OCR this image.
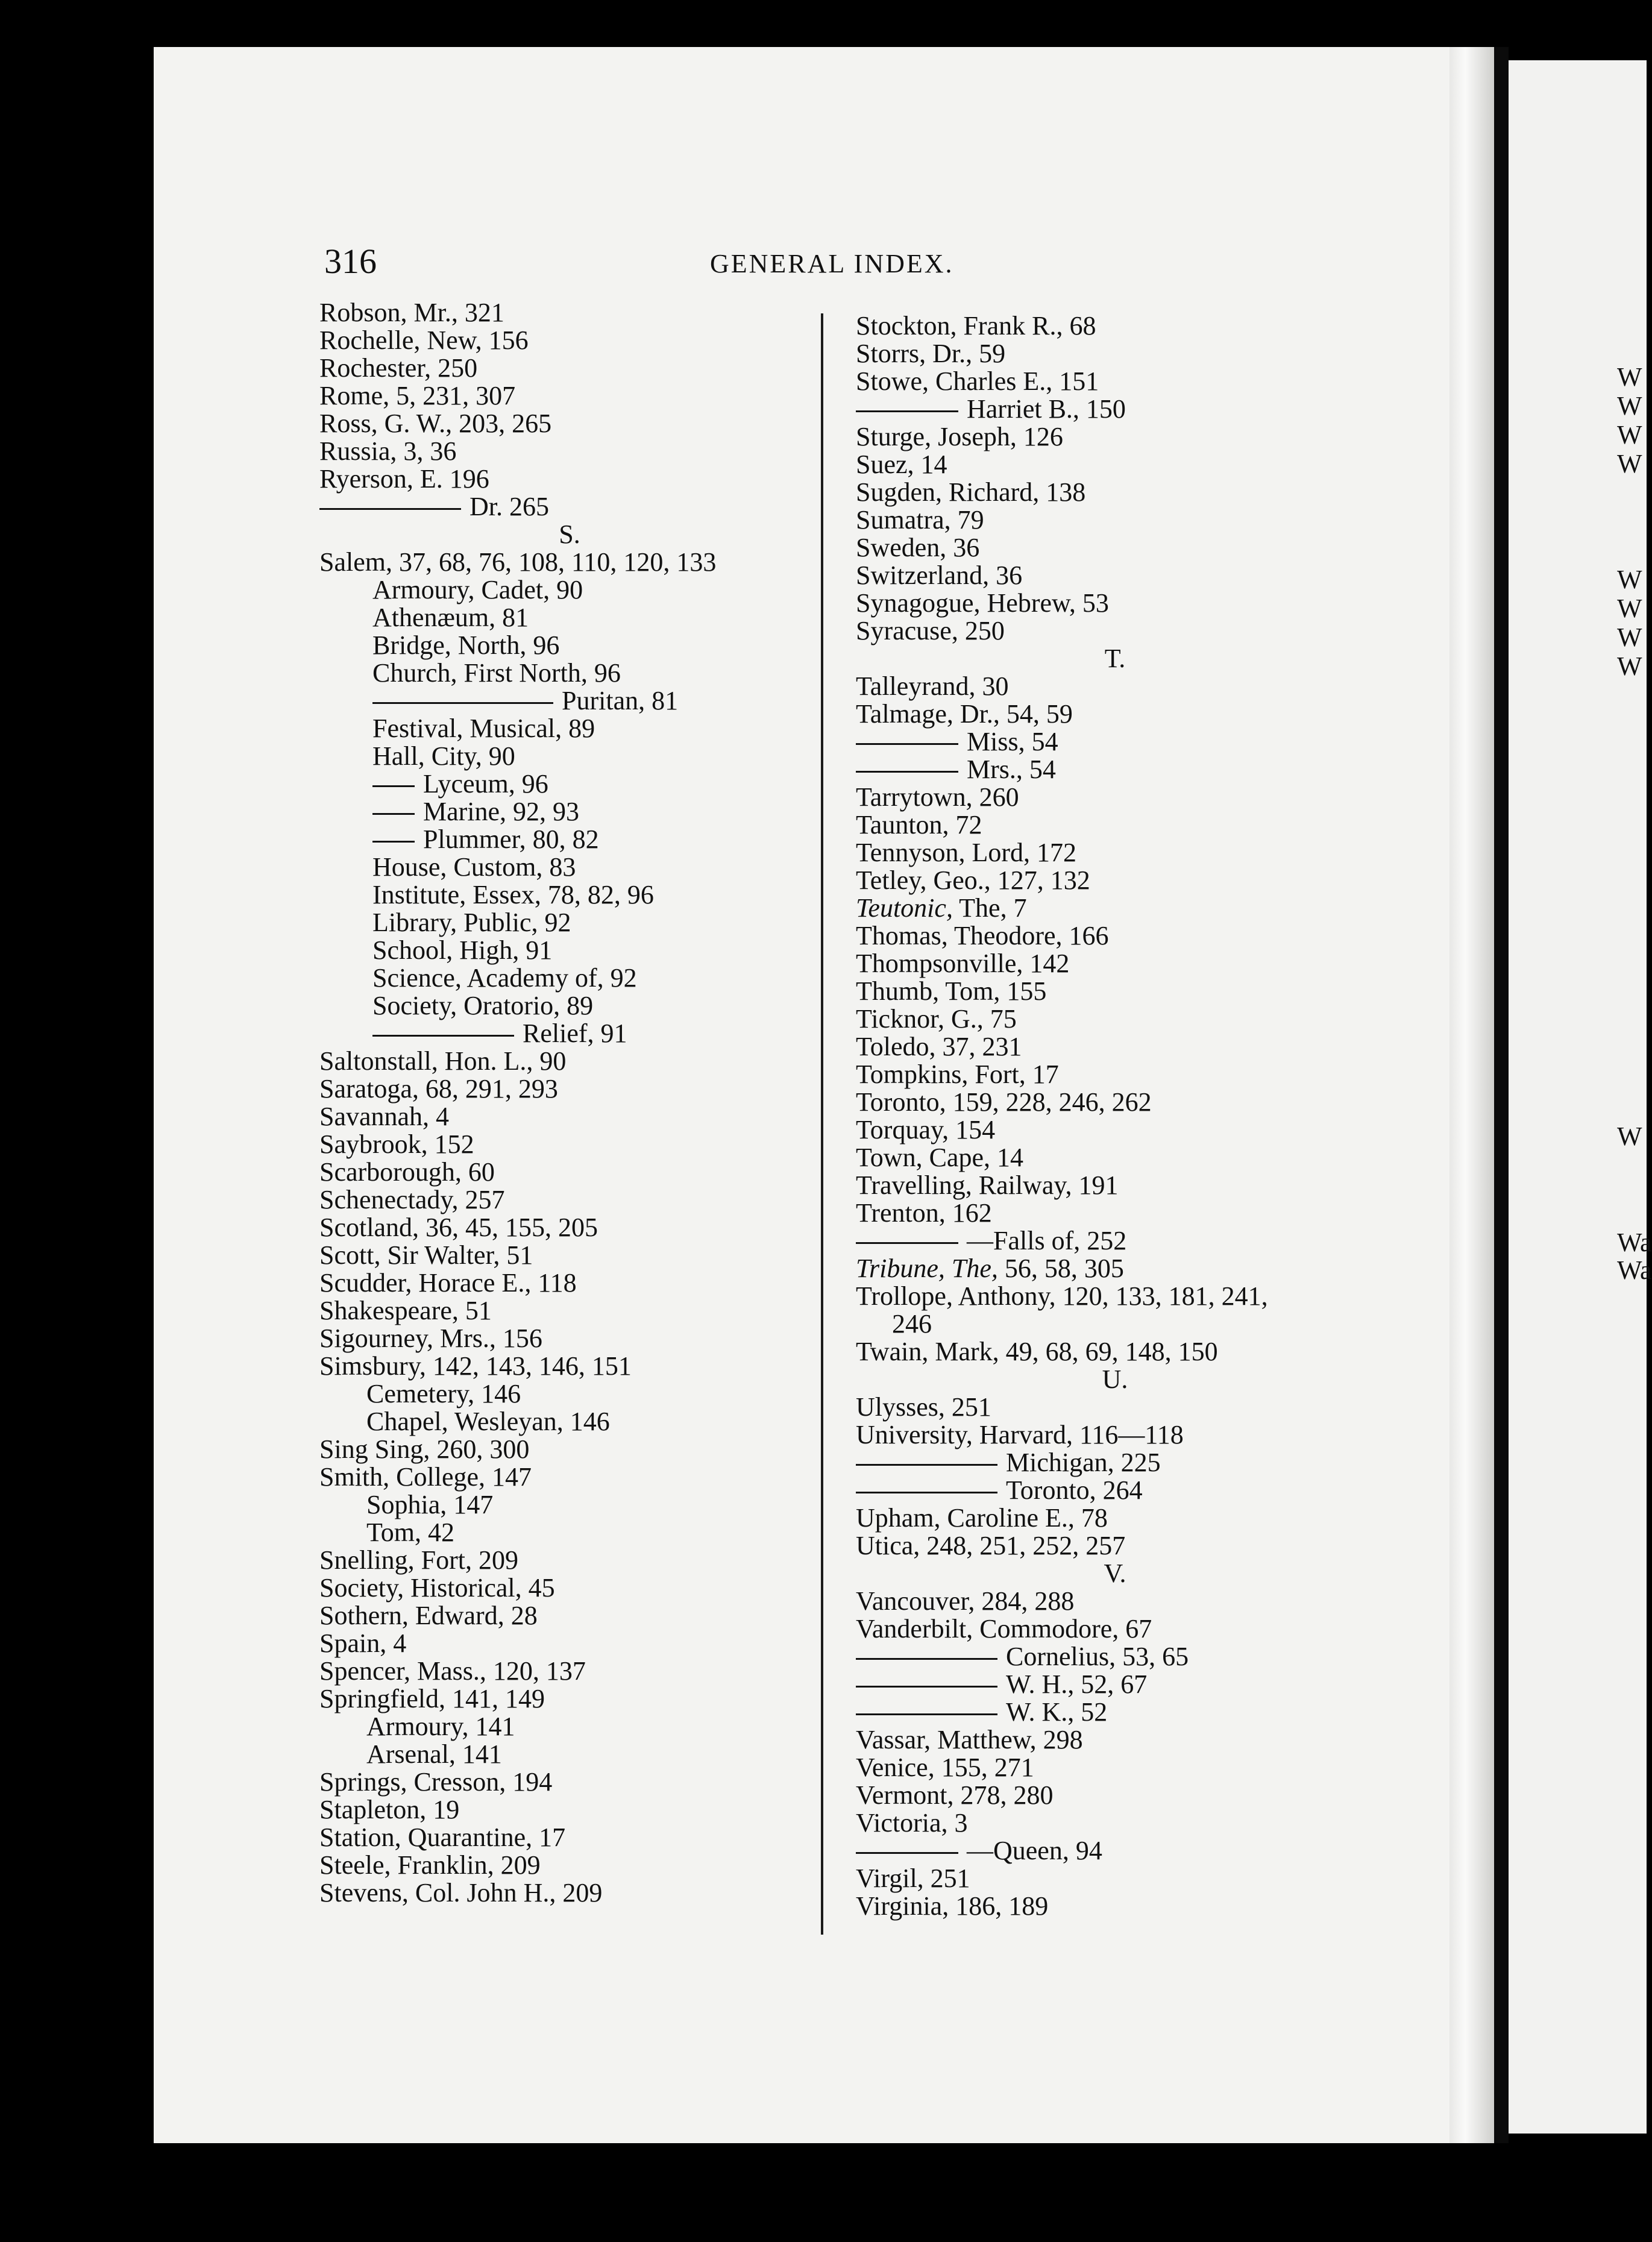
W
W
W
W
W
W
W
W
W
Wa
Wa
316	GENERAL INDEX.
Robson, Mr., 321
Rochelle, New, 156
Rochester, 250
Rome, 5, 231, 307
Ross, G. W., 203, 265
Russia, 3, 36
Ryerson, E. 196
Dr. 265
S.
Salem, 37, 68, 76, 108, 110, 120, 133
Armoury, Cadet, 90
Athenæum, 81
Bridge, North, 96
Church, First North, 96
Puritan, 81
Festival, Musical, 89
Hall, City, 90
Lyceum, 96
Marine, 92, 93
Plummer, 80, 82
House, Custom, 83
Institute, Essex, 78, 82, 96
Library, Public, 92
School, High, 91
Science, Academy of, 92
Society, Oratorio, 89
Relief, 91
Saltonstall, Hon. L., 90
Saratoga, 68, 291, 293
Savannah, 4
Saybrook, 152
Scarborough, 60
Schenectady, 257
Scotland, 36, 45, 155, 205
Scott, Sir Walter, 51
Scudder, Horace E., 118
Shakespeare, 51
Sigourney, Mrs., 156
Simsbury, 142, 143, 146, 151
Cemetery, 146
Chapel, Wesleyan, 146
Sing Sing, 260, 300
Smith, College, 147
Sophia, 147
Tom, 42
Snelling, Fort, 209
Society, Historical, 45
Sothern, Edward, 28
Spain, 4
Spencer, Mass., 120, 137
Springfield, 141, 149
Armoury, 141
Arsenal, 141
Springs, Cresson, 194
Stapleton, 19
Station, Quarantine, 17
Steele, Franklin, 209
Stevens, Col. John H., 209
Stockton, Frank R., 68
Storrs, Dr., 59
Stowe, Charles E., 151
Harriet B., 150
Sturge, Joseph, 126
Suez, 14
Sugden, Richard, 138
Sumatra, 79
Sweden, 36
Switzerland, 36
Synagogue, Hebrew, 53
Syracuse, 250
T.
Talleyrand, 30
Talmage, Dr., 54, 59
Miss, 54
Mrs., 54
Tarrytown, 260
Taunton, 72
Tennyson, Lord, 172
Tetley, Geo., 127, 132
Teutonic, The, 7
Thomas, Theodore, 166
Thompsonville, 142
Thumb, Tom, 155
Ticknor, G., 75
Toledo, 37, 231
Tompkins, Fort, 17
Toronto, 159, 228, 246, 262
Torquay, 154
Town, Cape, 14
Travelling, Railway, 191
Trenton, 162
—Falls of, 252
Tribune, The, 56, 58, 305
Trollope, Anthony, 120, 133, 181, 241,
246
Twain, Mark, 49, 68, 69, 148, 150
U.
Ulysses, 251
University, Harvard, 116—118
Michigan, 225
Toronto, 264
Upham, Caroline E., 78
Utica, 248, 251, 252, 257
V.
Vancouver, 284, 288
Vanderbilt, Commodore, 67
Cornelius, 53, 65
W. H., 52, 67
W. K., 52
Vassar, Matthew, 298
Venice, 155, 271
Vermont, 278, 280
Victoria, 3
—Queen, 94
Virgil, 251
Virginia, 186, 189
